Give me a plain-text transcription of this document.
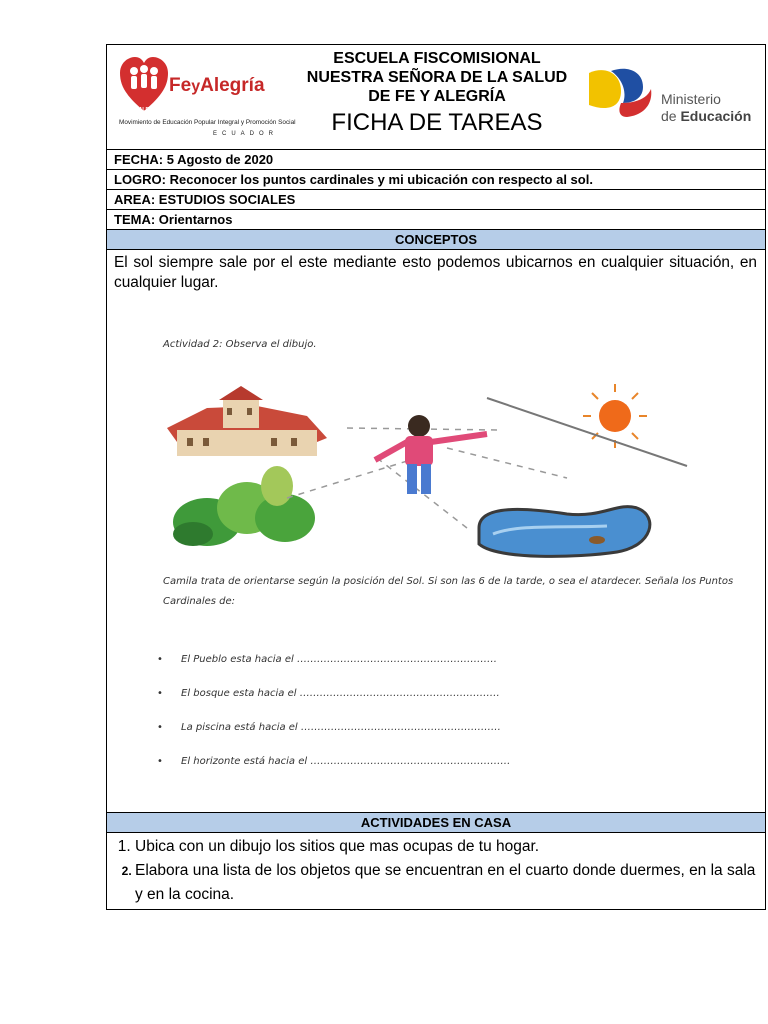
FE Y ALEGRIA
FeyAlegría
Movimiento de Educación Popular Integral y Promoción Social
ECUADOR
ESCUELA FISCOMISIONAL
NUESTRA SEÑORA DE LA SALUD
DE FE Y ALEGRÍA
FICHA DE TAREAS
Ministerio
de Educación
FECHA: 5 Agosto de 2020
LOGRO: Reconocer los puntos cardinales y mi ubicación con respecto al sol.
AREA: ESTUDIOS SOCIALES
TEMA: Orientarnos
CONCEPTOS
El sol siempre sale por el este mediante esto podemos ubicarnos en cualquier situación, en cualquier lugar.
Actividad 2: Observa el dibujo.
Camila trata de orientarse según la posición del Sol. Si son las 6 de la tarde, o sea el atardecer. Señala los Puntos Cardinales de:
• El Pueblo esta hacia el ……………………………………………………
• El bosque esta hacia el ……………………………………………………
• La piscina está hacia el ……………………………………………………
• El horizonte está hacia el ……………………………………………………
ACTIVIDADES EN CASA
1. Ubica con un dibujo los sitios que mas ocupas de tu hogar.
2. Elabora una lista de los objetos que se encuentran en el cuarto donde duermes, en la sala y en la cocina.
